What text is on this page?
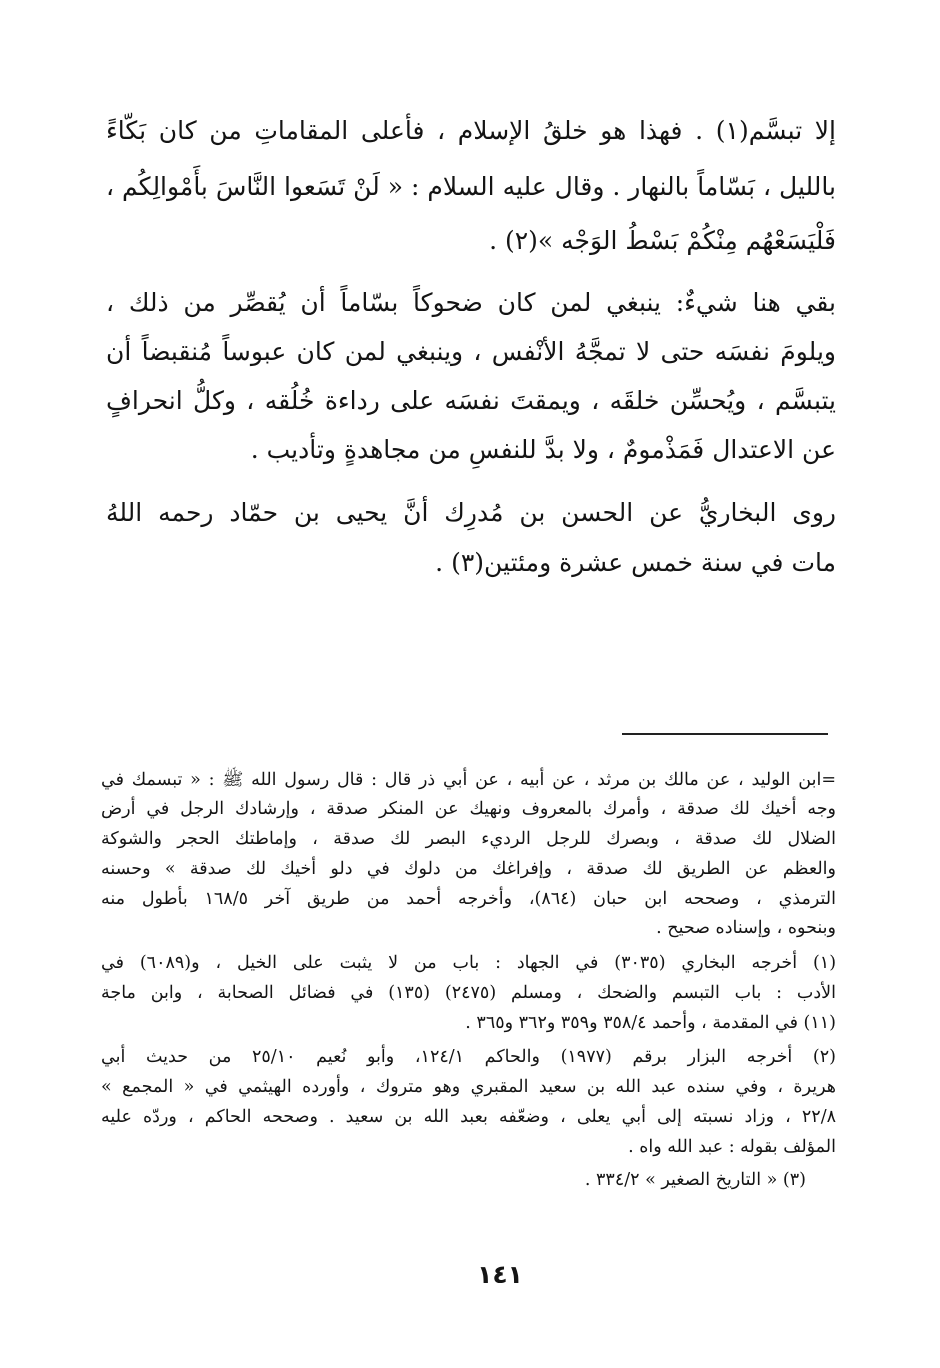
إلا تبسَّم(١) . فهذا هو خلقُ الإسلام ، فأعلى المقاماتِ من كان بَكّاءً
بالليل ، بَسّاماً بالنهار . وقال عليه السلام : « لَنْ تَسَعوا النَّاسَ بأَمْوالِكُم ،
فَلْيَسَعْهُم مِنْكُمْ بَسْطُ الوَجْه »(٢) .
بقي هنا شيءٌ: ينبغي لمن كان ضحوكاً بسّاماً أن يُقصِّر من ذلك ،
ويلومَ نفسَه حتى لا تمجَّهُ الأنْفس ، وينبغي لمن كان عبوساً مُنقبضاً أن
يتبسَّم ، ويُحسِّن خلقَه ، ويمقتَ نفسَه على رداءة خُلُقه ، وكلُّ انحرافٍ
عن الاعتدال فَمَذْمومٌ ، ولا بدَّ للنفسِ من مجاهدةٍ وتأديب .
روى البخاريُّ عن الحسن بن مُدرِك أنَّ يحيى بن حمّاد رحمه اللهُ
مات في سنة خمس عشرة ومئتين(٣) .
=ابن الوليد ، عن مالك بن مرثد ، عن أبيه ، عن أبي ذر قال : قال رسول الله ﷺ : « تبسمك في
وجه أخيك لك صدقة ، وأمرك بالمعروف ونهيك عن المنكر صدقة ، وإرشادك الرجل في أرض
الضلال لك صدقة ، وبصرك للرجل الرديء البصر لك صدقة ، وإماطتك الحجر والشوكة
والعظم عن الطريق لك صدقة ، وإفراغك من دلوك في دلو أخيك لك صدقة » وحسنه
الترمذي ، وصححه ابن حبان (٨٦٤)، وأخرجه أحمد من طريق آخر ١٦٨/٥ بأطول منه
وبنحوه ، وإسناده صحيح .
(١) أخرجه البخاري (٣٠٣٥) في الجهاد : باب من لا يثبت على الخيل ، و(٦٠٨٩) في
الأدب : باب التبسم والضحك ، ومسلم (٢٤٧٥) (١٣٥) في فضائل الصحابة ، وابن ماجة
(١١) في المقدمة ، وأحمد ٣٥٨/٤ و٣٥٩ و٣٦٢ و٣٦٥ .
(٢) أخرجه البزار برقم (١٩٧٧) والحاكم ١٢٤/١، وأبو نُعيم ٢٥/١٠ من حديث أبي
هريرة ، وفي سنده عبد الله بن سعيد المقبري وهو متروك ، وأورده الهيثمي في « المجمع »
٢٢/٨ ، وزاد نسبته إلى أبي يعلى ، وضعّفه بعبد الله بن سعيد . وصححه الحاكم ، وردّه عليه
المؤلف بقوله : عبد الله واه .
(٣) « التاريخ الصغير » ٣٣٤/٢ .
١٤١
